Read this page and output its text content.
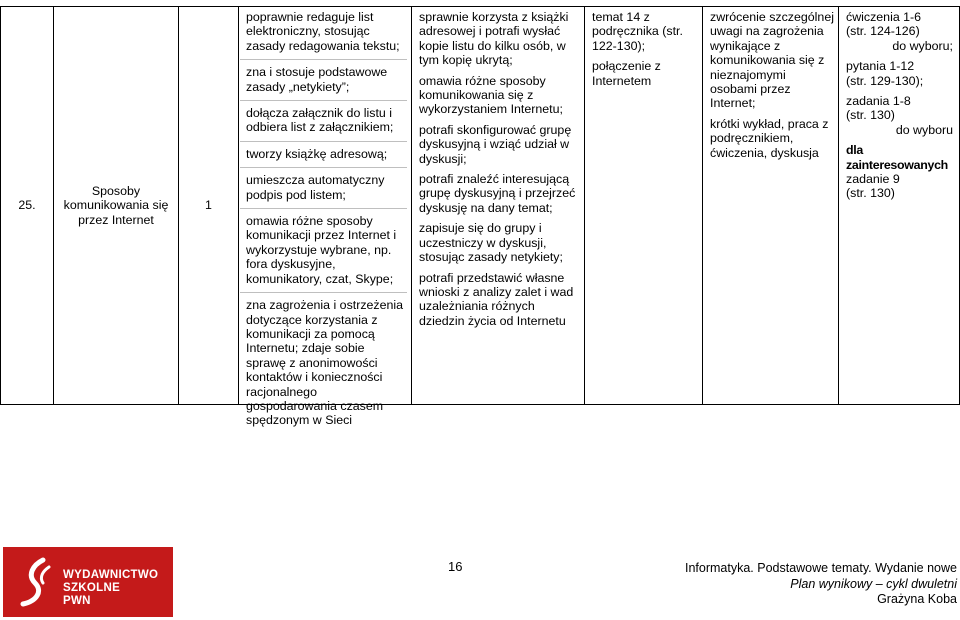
25.
Sposoby komunikowania się przez Internet
1
poprawnie redaguje list elektroniczny, stosując zasady redagowania tekstu;
zna i stosuje podstawowe zasady „netykiety”;
dołącza załącznik do listu i odbiera list z załącznikiem;
tworzy książkę adresową;
umieszcza automatyczny podpis pod listem;
omawia różne sposoby komunikacji przez Internet i wykorzystuje wybrane, np. fora dyskusyjne, komunikatory, czat, Skype;
zna zagrożenia i ostrzeżenia dotyczące korzystania z komunikacji za pomocą Internetu; zdaje sobie sprawę z anonimowości kontaktów i konieczności racjonalnego gospodarowania czasem spędzonym w Sieci
sprawnie korzysta z książki adresowej i potrafi wysłać kopie listu do kilku osób, w tym kopię ukrytą;
omawia różne sposoby komunikowania się z wykorzystaniem Internetu;
potrafi skonfigurować grupę dyskusyjną i wziąć udział w dyskusji;
potrafi znaleźć interesującą grupę dyskusyjną i przejrzeć dyskusję na dany temat;
zapisuje się do grupy i uczestniczy w dyskusji, stosując zasady netykiety;
potrafi przedstawić własne wnioski z analizy zalet i wad uzależniania różnych dziedzin życia od Internetu
temat 14 z podręcznika (str. 122-130);
połączenie z Internetem
zwrócenie szczególnej uwagi na zagrożenia wynikające z komunikowania się z nieznajomymi osobami przez Internet;
krótki wykład, praca z podręcznikiem, ćwiczenia, dyskusja
ćwiczenia 1-6
(str. 124-126)
do wyboru;
pytania 1-12
(str. 129-130);
zadania 1-8
(str. 130)
do wyboru
dla
zainteresowanych
zadanie 9
(str. 130)
WYDAWNICTWO
SZKOLNE
PWN
16	Informatyka. Podstawowe tematy. Wydanie nowe
Plan wynikowy – cykl dwuletni
Grażyna Koba
